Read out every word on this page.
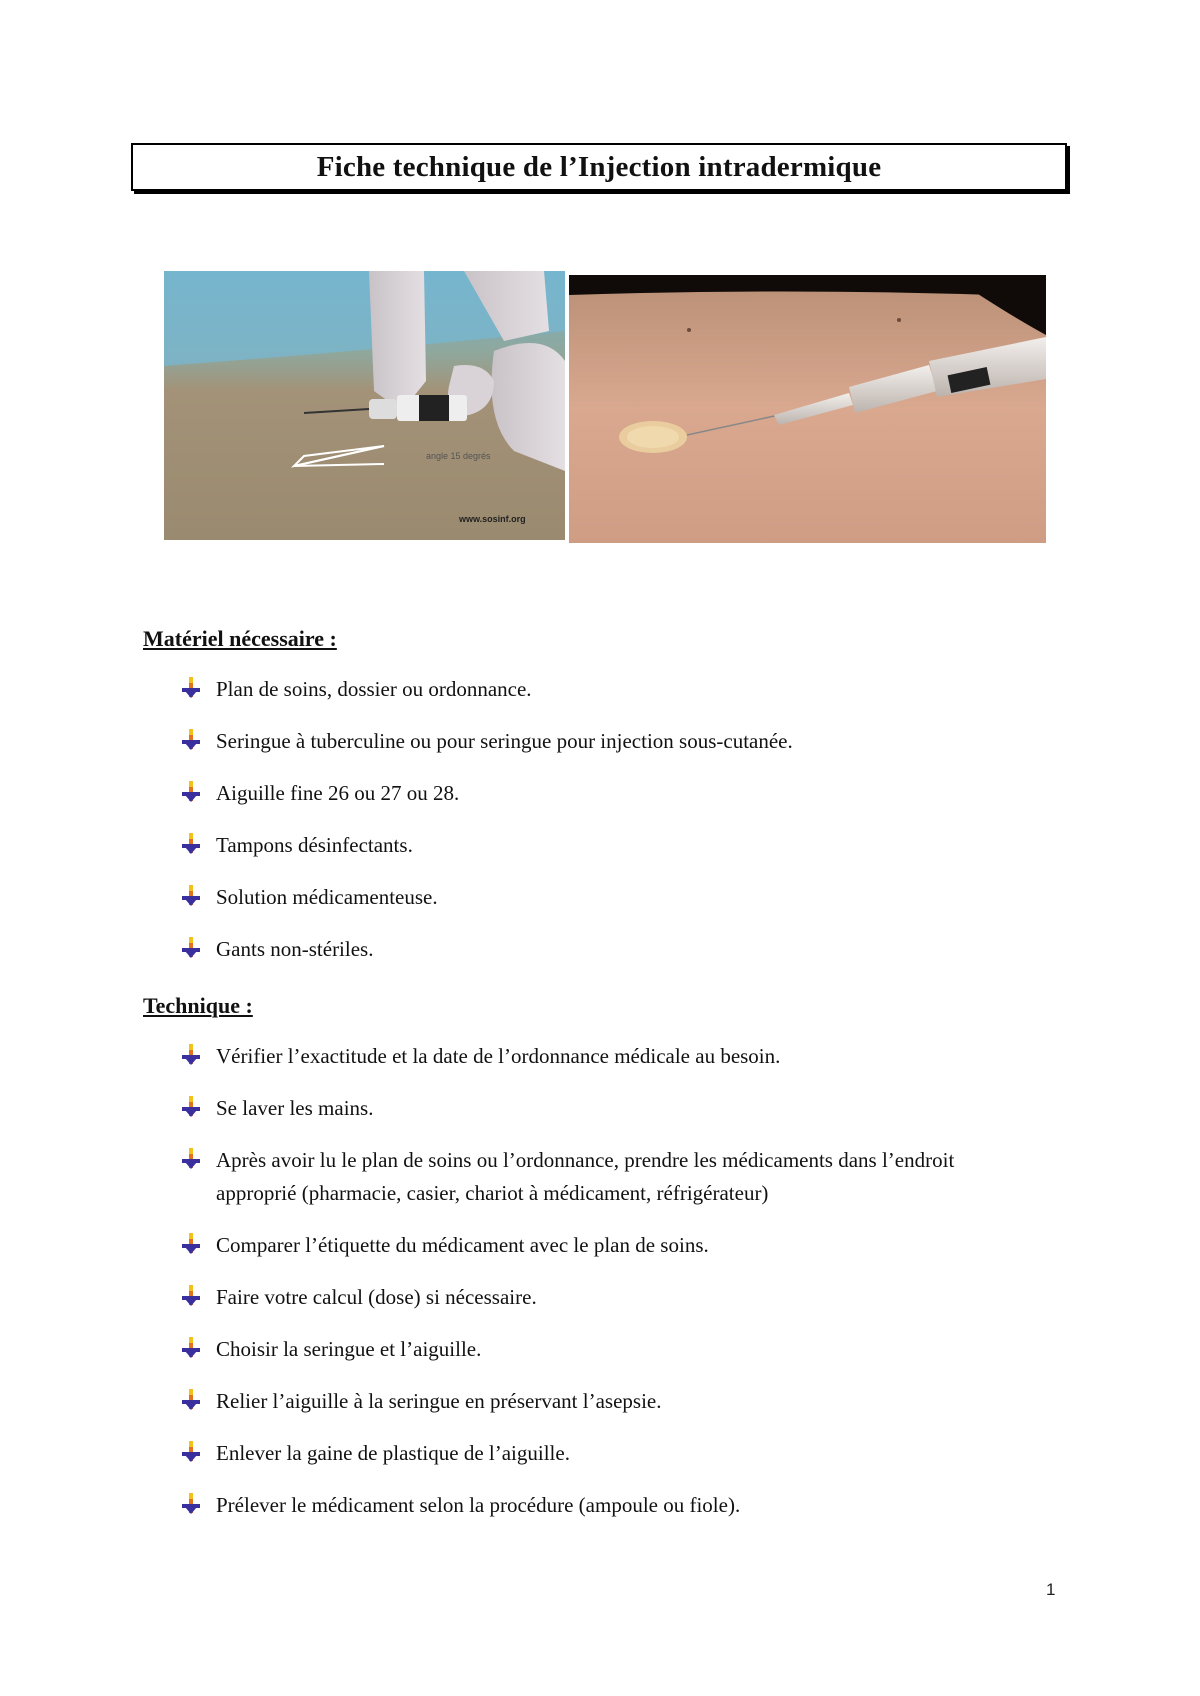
Fiche technique de l’Injection intradermique
angle 15 degrés
www.sosinf.org
Matériel nécessaire :
Plan de soins, dossier ou ordonnance.
Seringue à tuberculine ou pour seringue pour injection sous-cutanée.
Aiguille fine 26 ou 27 ou 28.
Tampons désinfectants.
Solution médicamenteuse.
Gants non-stériles.
Technique :
Vérifier l’exactitude et la date de l’ordonnance médicale au besoin.
Se laver les mains.
Après avoir lu le plan de soins ou l’ordonnance, prendre les médicaments dans l’endroit approprié (pharmacie, casier, chariot à médicament, réfrigérateur)
Comparer l’étiquette du médicament avec le plan de soins.
Faire votre calcul (dose) si nécessaire.
Choisir la seringue et l’aiguille.
Relier l’aiguille à la seringue en préservant l’asepsie.
Enlever la gaine de plastique de l’aiguille.
Prélever le médicament selon la procédure (ampoule ou fiole).
1
